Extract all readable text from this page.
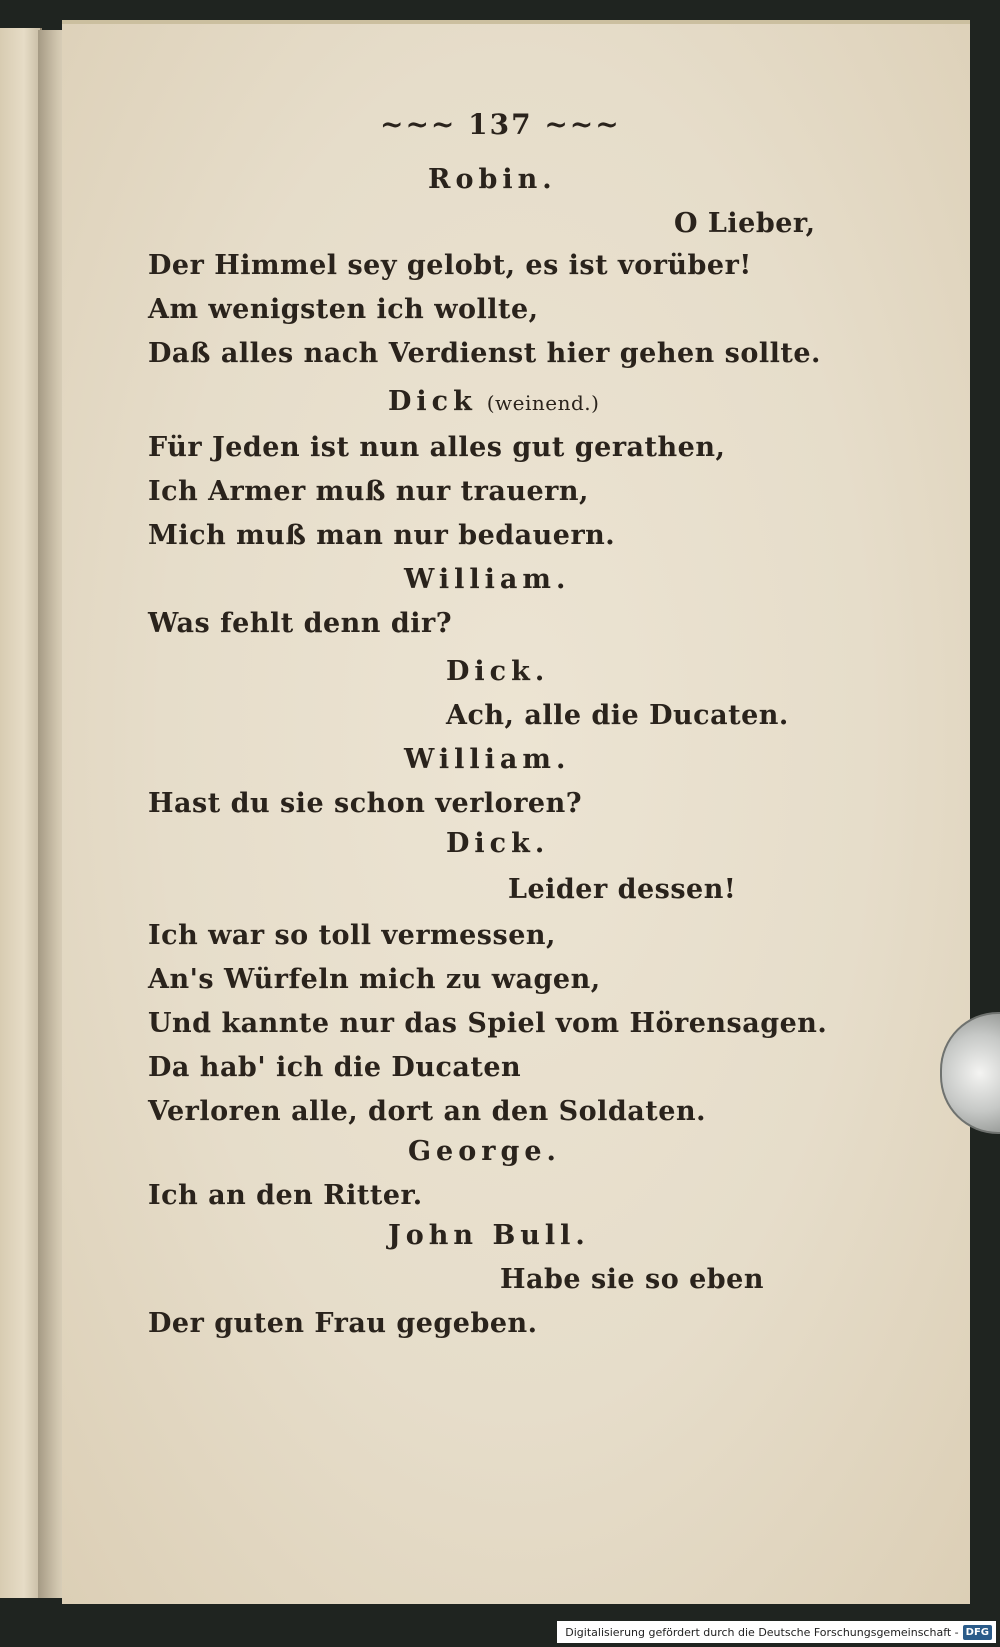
~~~ 137 ~~~

Robin.

O Lieber,

Der Himmel sey gelobt, es ist vorüber!

Am wenigsten ich wollte,

Daß alles nach Verdienst hier gehen sollte.

Dick (weinend.)

Für Jeden ist nun alles gut gerathen,

Ich Armer muß nur trauern,

Mich muß man nur bedauern.

William.

Was fehlt denn dir?

Dick.

Ach, alle die Ducaten.

William.

Hast du sie schon verloren?

Dick.

Leider dessen!

Ich war so toll vermessen,

An's Würfeln mich zu wagen,

Und kannte nur das Spiel vom Hörensagen.

Da hab' ich die Ducaten

Verloren alle, dort an den Soldaten.

George.

Ich an den Ritter.

John Bull.

Habe sie so eben

Der guten Frau gegeben.

Digitalisierung gefördert durch die Deutsche Forschungsgemeinschaft - DFG
